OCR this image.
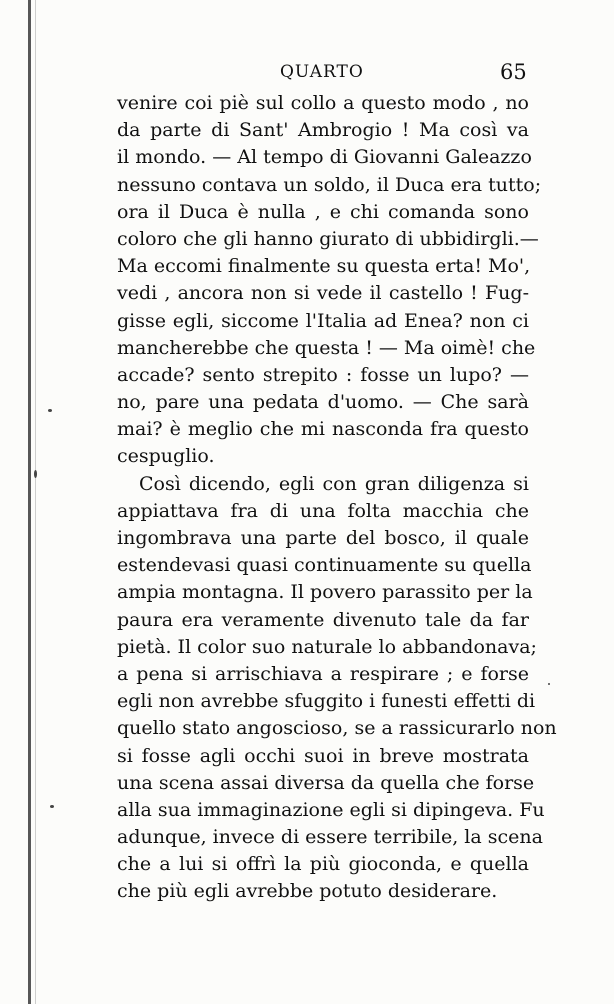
QUARTO	65
venire coi piè sul collo a questo modo , no
da parte di Sant' Ambrogio ! Ma così va
il mondo. — Al tempo di Giovanni Galeazzo
nessuno contava un soldo, il Duca era tutto;
ora il Duca è nulla , e chi comanda sono
coloro che gli hanno giurato di ubbidirgli.—
Ma eccomi finalmente su questa erta! Mo',
vedi , ancora non si vede il castello ! Fug-
gisse egli, siccome l'Italia ad Enea? non ci
mancherebbe che questa ! — Ma oimè! che
accade? sento strepito : fosse un lupo? —
no, pare una pedata d'uomo. — Che sarà
mai? è meglio che mi nasconda fra questo
cespuglio.
Così dicendo, egli con gran diligenza si
appiattava fra di una folta macchia che
ingombrava una parte del bosco, il quale
estendevasi quasi continuamente su quella
ampia montagna. Il povero parassito per la
paura era veramente divenuto tale da far
pietà. Il color suo naturale lo abbandonava;
a pena si arrischiava a respirare ; e forse
egli non avrebbe sfuggito i funesti effetti di
quello stato angoscioso, se a rassicurarlo non
si fosse agli occhi suoi in breve mostrata
una scena assai diversa da quella che forse
alla sua immaginazione egli si dipingeva. Fu
adunque, invece di essere terribile, la scena
che a lui si offrì la più gioconda, e quella
che più egli avrebbe potuto desiderare.
